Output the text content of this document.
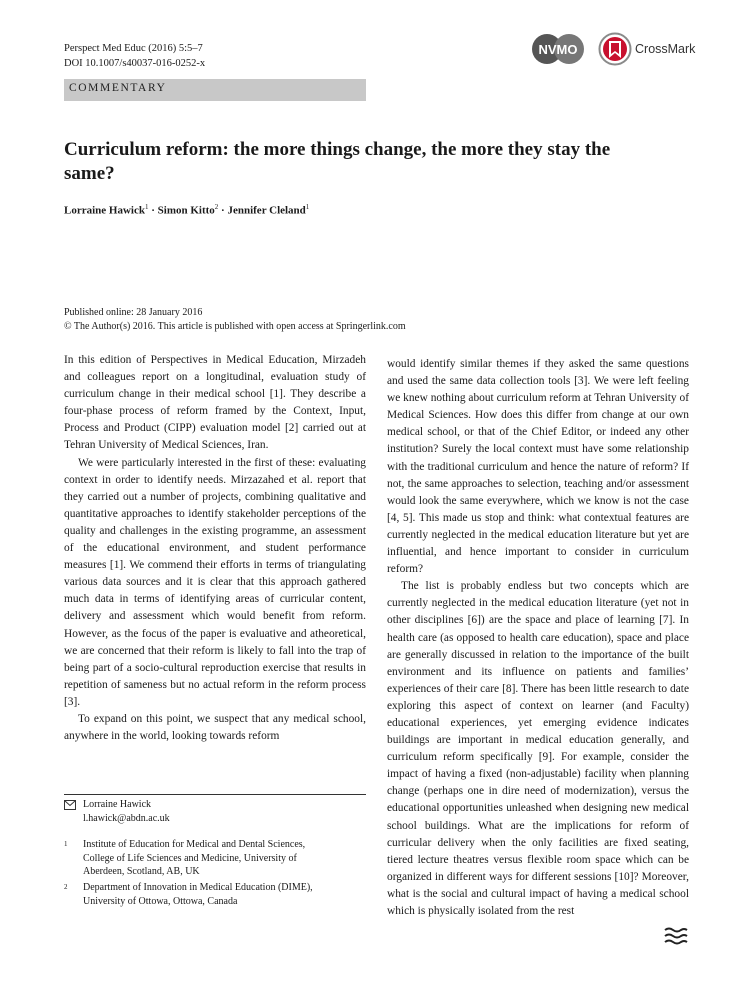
Perspect Med Educ (2016) 5:5–7
DOI 10.1007/s40037-016-0252-x
NVMO	CrossMark
COMMENTARY
Curriculum reform: the more things change, the more they stay the same?
Lorraine Hawick$^1$ · Simon Kitto$^2$ · Jennifer Cleland$^1$
Published online: 28 January 2016
© The Author(s) 2016. This article is published with open access at Springerlink.com

In this edition of Perspectives in Medical Education, Mirzadeh and colleagues report on a longitudinal, evaluation study of curriculum change in their medical school [1]. They describe a four-phase process of reform framed by the Context, Input, Process and Product (CIPP) evaluation model [2] carried out at Tehran University of Medical Sciences, Iran.

We were particularly interested in the first of these: evaluating context in order to identify needs. Mirzazahed et al. report that they carried out a number of projects, combining qualitative and quantitative approaches to identify stakeholder perceptions of the quality and challenges in the existing programme, an assessment of the educational environment, and student performance measures [1]. We commend their efforts in terms of triangulating various data sources and it is clear that this approach gathered much data in terms of identifying areas of curricular content, delivery and assessment which would benefit from reform. However, as the focus of the paper is evaluative and atheoretical, we are concerned that their reform is likely to fall into the trap of being part of a socio-cultural reproduction exercise that results in repetition of sameness but no actual reform in the reform process [3].

To expand on this point, we suspect that any medical school, anywhere in the world, looking towards reform

would identify similar themes if they asked the same questions and used the same data collection tools [3]. We were left feeling we knew nothing about curriculum reform at Tehran University of Medical Sciences. How does this differ from change at our own medical school, or that of the Chief Editor, or indeed any other institution? Surely the local context must have some relationship with the traditional curriculum and hence the nature of reform? If not, the same approaches to selection, teaching and/or assessment would look the same everywhere, which we know is not the case [4, 5]. This made us stop and think: what contextual features are currently neglected in the medical education literature but yet are influential, and hence important to consider in curriculum reform?

The list is probably endless but two concepts which are currently neglected in the medical education literature (yet not in other disciplines [6]) are the space and place of learning [7]. In health care (as opposed to health care education), space and place are generally discussed in relation to the importance of the built environment and its influence on patients and families’ experiences of their care [8]. There has been little research to date exploring this aspect of context on learner (and Faculty) educational experiences, yet emerging evidence indicates buildings are important in medical education generally, and curriculum reform specifically [9]. For example, consider the impact of having a fixed (non-adjustable) facility when planning change (perhaps one in dire need of modernization), versus the educational opportunities unleashed when designing new medical school buildings. What are the implications for reform of curricular delivery when the only facilities are fixed seating, tiered lecture theatres versus flexible room space which can be organized in different ways for different sessions [10]? Moreover, what is the social and cultural impact of having a medical school which is physically isolated from the rest

Lorraine Hawick
l.hawick@abdn.ac.uk
1 Institute of Education for Medical and Dental Sciences,
College of Life Sciences and Medicine, University of
Aberdeen, Scotland, AB, UK
2 Department of Innovation in Medical Education (DIME),
University of Ottowa, Ottowa, Canada
